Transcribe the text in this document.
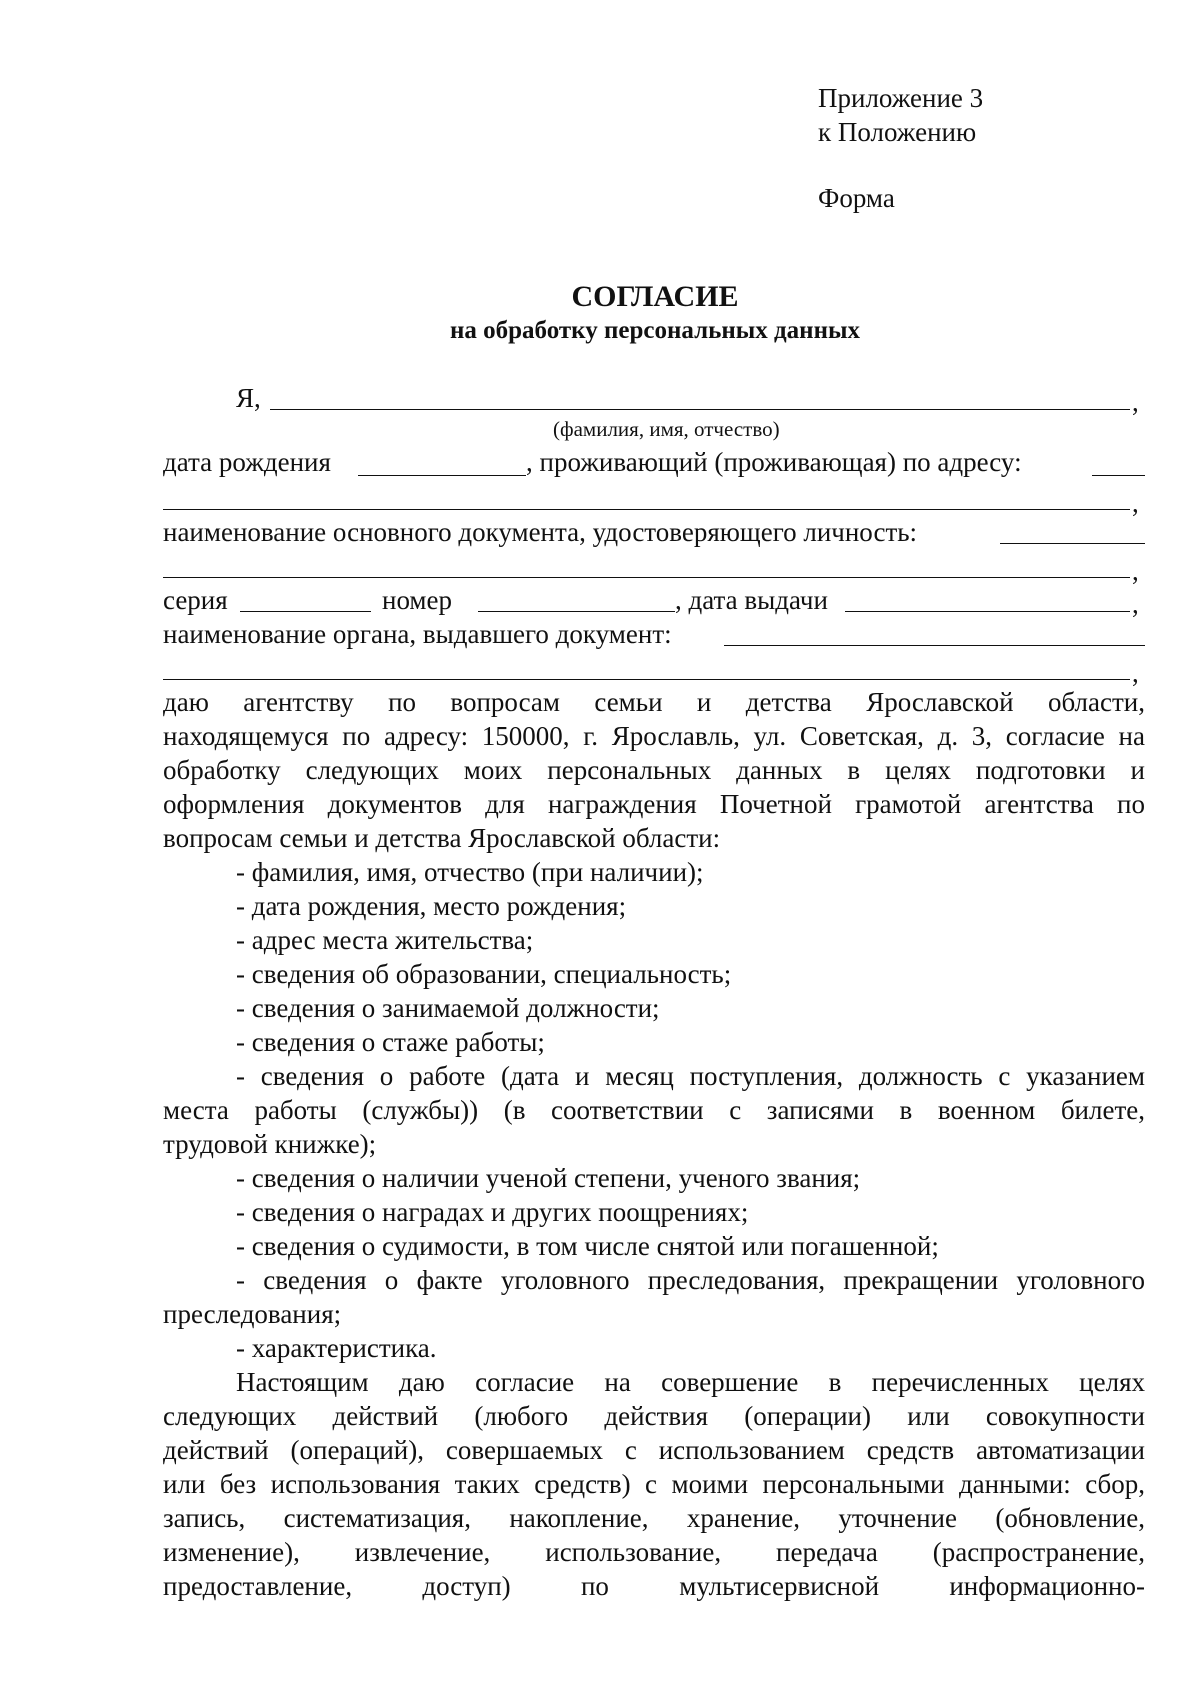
Приложение 3
к Положению
Форма
СОГЛАСИЕ
на обработку персональных данных
Я,	,
(фамилия, имя, отчество)
дата рождения	, проживающий (проживающая) по адресу:
,
наименование основного документа, удостоверяющего личность:
,
серия	номер	, дата выдачи	,
наименование органа, выдавшего документ:
,
даю агентству по вопросам семьи и детства Ярославской области,
находящемуся по адресу: 150000, г. Ярославль, ул. Советская, д. 3, согласие на
обработку следующих моих персональных данных в целях подготовки и
оформления документов для награждения Почетной грамотой агентства по
вопросам семьи и детства Ярославской области:
- фамилия, имя, отчество (при наличии);
- дата рождения, место рождения;
- адрес места жительства;
- сведения об образовании, специальность;
- сведения о занимаемой должности;
- сведения о стаже работы;
- сведения о работе (дата и месяц поступления, должность с указанием
места работы (службы)) (в соответствии с записями в военном билете,
трудовой книжке);
- сведения о наличии ученой степени, ученого звания;
- сведения о наградах и других поощрениях;
- сведения о судимости, в том числе снятой или погашенной;
- сведения о факте уголовного преследования, прекращении уголовного
преследования;
- характеристика.
Настоящим даю согласие на совершение в перечисленных целях
следующих действий (любого действия (операции) или совокупности
действий (операций), совершаемых с использованием средств автоматизации
или без использования таких средств) с моими персональными данными: сбор,
запись, систематизация, накопление, хранение, уточнение (обновление,
изменение), извлечение, использование, передача (распространение,
предоставление, доступ) по мультисервисной информационно-
